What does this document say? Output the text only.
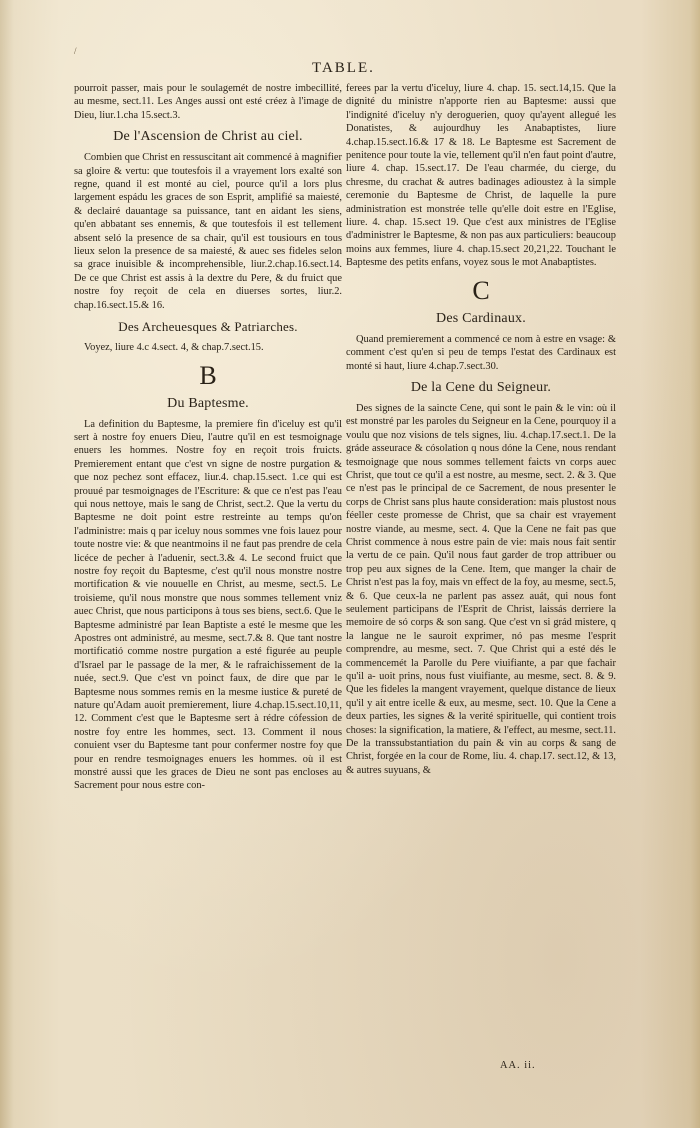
/
TABLE.

pourroit passer, mais pour le soulagemét de nostre imbecillité, au mesme, sect.11. Les Anges aussi ont esté créez à l'image de Dieu, liur.1.cha 15.sect.3.

De l'Ascension de Christ au ciel.

Combien que Christ en ressuscitant ait commencé à magnifier sa gloire & vertu: que toutesfois il a vrayement lors exalté son regne, quand il est monté au ciel, pource qu'il a lors plus largement espádu les graces de son Esprit, amplifié sa maiesté, & declairé dauantage sa puissance, tant en aidant les siens, qu'en abbatant ses ennemis, & que toutesfois il est tellement absent seló la presence de sa chair, qu'il est tousiours en tous lieux selon la presence de sa maiesté, & auec ses fideles selon sa grace inuisible & incomprehensible, liur.2.chap.16.sect.14. De ce que Christ est assis à la dextre du Pere, & du fruict que nostre foy reçoit de cela en diuerses sortes, liur.2. chap.16.sect.15.& 16.

Des Archeuesques & Patriarches.

Voyez, liure 4.c 4.sect. 4, & chap.7.sect.15.

B
Du Baptesme.

La definition du Baptesme, la premiere fin d'iceluy est qu'il sert à nostre foy enuers Dieu, l'autre qu'il en est tesmoignage enuers les hommes. Nostre foy en reçoit trois fruicts. Premierement entant que c'est vn signe de nostre purgation & que noz pechez sont effacez, liur.4. chap.15.sect. 1.ce qui est prouué par tesmoignages de l'Escriture: & que ce n'est pas l'eau qui nous nettoye, mais le sang de Christ, sect.2. Que la vertu du Baptesme ne doit point estre restreinte au temps qu'on l'administre: mais q par iceluy nous sommes vne fois lauez pour toute nostre vie: & que neantmoins il ne faut pas prendre de cela licéce de pecher à l'aduenir, sect.3.& 4. Le second fruict que nostre foy reçoit du Baptesme, c'est qu'il nous monstre nostre mortification & vie nouuelle en Christ, au mesme, sect.5. Le troisieme, qu'il nous monstre que nous sommes tellement vniz auec Christ, que nous participons à tous ses biens, sect.6. Que le Baptesme administré par Iean Baptiste a esté le mesme que les Apostres ont administré, au mesme, sect.7.& 8. Que tant nostre mortificatió comme nostre purgation a esté figurée au peuple d'Israel par le passage de la mer, & le rafraichissement de la nuée, sect.9. Que c'est vn poinct faux, de dire que par le Baptesme nous sommes remis en la mesme iustice & pureté de nature qu'Adam auoit premierement, liure 4.chap.15.sect.10,11, 12. Comment c'est que le Baptesme sert à rédre cófession de nostre foy entre les hommes, sect. 13. Comment il nous conuient vser du Baptesme tant pour confermer nostre foy que pour en rendre tesmoignages enuers les hommes. où il est monstré aussi que les graces de Dieu ne sont pas encloses au Sacrement pour nous estre con-

ferees par la vertu d'iceluy, liure 4. chap. 15. sect.14,15. Que la dignité du ministre n'apporte rien au Baptesme: aussi que l'indignité d'iceluy n'y deroguerien, quoy qu'ayent allegué les Donatistes, & aujourdhuy les Anabaptistes, liure 4.chap.15.sect.16.& 17 & 18. Le Baptesme est Sacrement de penitence pour toute la vie, tellement qu'il n'en faut point d'autre, liure 4. chap. 15.sect.17. De l'eau charmée, du cierge, du chresme, du crachat & autres badinages adioustez à la simple ceremonie du Baptesme de Christ, de laquelle la pure administration est monstrée telle qu'elle doit estre en l'Eglise, liure. 4. chap. 15.sect 19. Que c'est aux ministres de l'Eglise d'administrer le Baptesme, & non pas aux particuliers: beaucoup moins aux femmes, liure 4. chap.15.sect 20,21,22. Touchant le Baptesme des petits enfans, voyez sous le mot Anabaptistes.

C
Des Cardinaux.

Quand premierement a commencé ce nom à estre en vsage: & comment c'est qu'en si peu de temps l'estat des Cardinaux est monté si haut, liure 4.chap.7.sect.30.

De la Cene du Seigneur.

Des signes de la saincte Cene, qui sont le pain & le vin: où il est monstré par les paroles du Seigneur en la Cene, pourquoy il a voulu que noz visions de tels signes, liu. 4.chap.17.sect.1. De la gráde asseurace & cósolation q nous dóne la Cene, nous rendant tesmoignage que nous sommes tellement faicts vn corps auec Christ, que tout ce qu'il a est nostre, au mesme, sect. 2. & 3. Que ce n'est pas le principal de ce Sacrement, de nous presenter le corps de Christ sans plus haute consideration: mais plustost nous féeller ceste promesse de Christ, que sa chair est vrayement nostre viande, au mesme, sect. 4. Que la Cene ne fait pas que Christ commence à nous estre pain de vie: mais nous fait sentir la vertu de ce pain. Qu'il nous faut garder de trop attribuer ou trop peu aux signes de la Cene. Item, que manger la chair de Christ n'est pas la foy, mais vn effect de la foy, au mesme, sect.5, & 6. Que ceux-la ne parlent pas assez auát, qui nous font seulement participans de l'Esprit de Christ, laissás derriere la memoire de só corps & son sang. Que c'est vn si grád mistere, q la langue ne le sauroit exprimer, nó pas mesme l'esprit comprendre, au mesme, sect. 7. Que Christ qui a esté dés le commencemét la Parolle du Pere viuifiante, a par que fachair qu'il a- uoit prins, nous fust viuifiante, au mesme, sect. 8. & 9. Que les fideles la mangent vrayement, quelque distance de lieux qu'il y ait entre icelle & eux, au mesme, sect. 10. Que la Cene a deux parties, les signes & la verité spirituelle, qui contient trois choses: la signification, la matiere, & l'effect, au mesme, sect.11. De la transsubstantiation du pain & vin au corps & sang de Christ, forgée en la cour de Rome, liu. 4. chap.17. sect.12, & 13, & autres suyuans, &

AA. ii.
